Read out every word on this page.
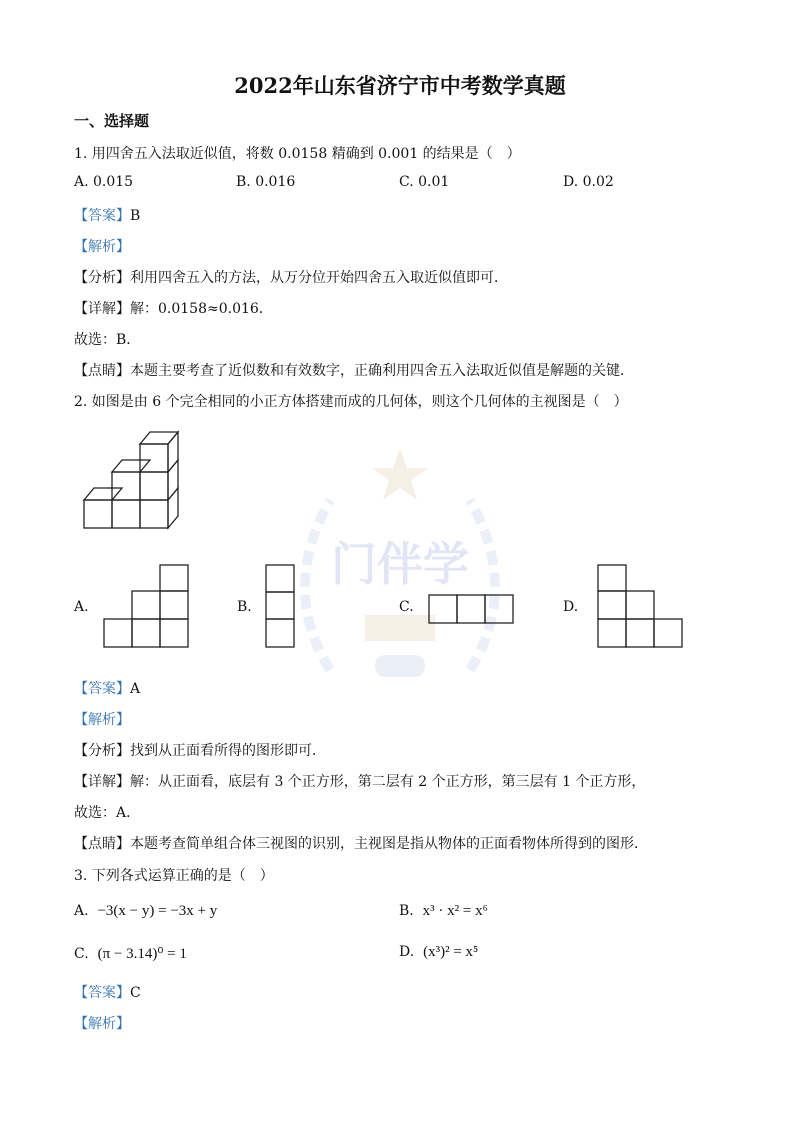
门伴学
2022年山东省济宁市中考数学真题
一、选择题
1. 用四舍五入法取近似值，将数 0.0158 精确到 0.001 的结果是（　）
A. 0.015	B. 0.016	C. 0.01	D. 0.02
【答案】B
【解析】
【分析】利用四舍五入的方法，从万分位开始四舍五入取近似值即可．
【详解】解：0.0158≈0.016．
故选：B．
【点睛】本题主要考查了近似数和有效数字，正确利用四舍五入法取近似值是解题的关键．
2. 如图是由 6 个完全相同的小正方体搭建而成的几何体，则这个几何体的主视图是（　）
A.	B.	C.	D.
【答案】A
【解析】
【分析】找到从正面看所得的图形即可．
【详解】解：从正面看，底层有 3 个正方形，第二层有 2 个正方形，第三层有 1 个正方形，
故选：A．
【点睛】本题考查简单组合体三视图的识别，主视图是指从物体的正面看物体所得到的图形．
3. 下列各式运算正确的是（　）
A. −3(x − y) = −3x + y	B. x³ · x² = x⁶
C. (π − 3.14)⁰ = 1	D. (x³)² = x⁵
【答案】C
【解析】
